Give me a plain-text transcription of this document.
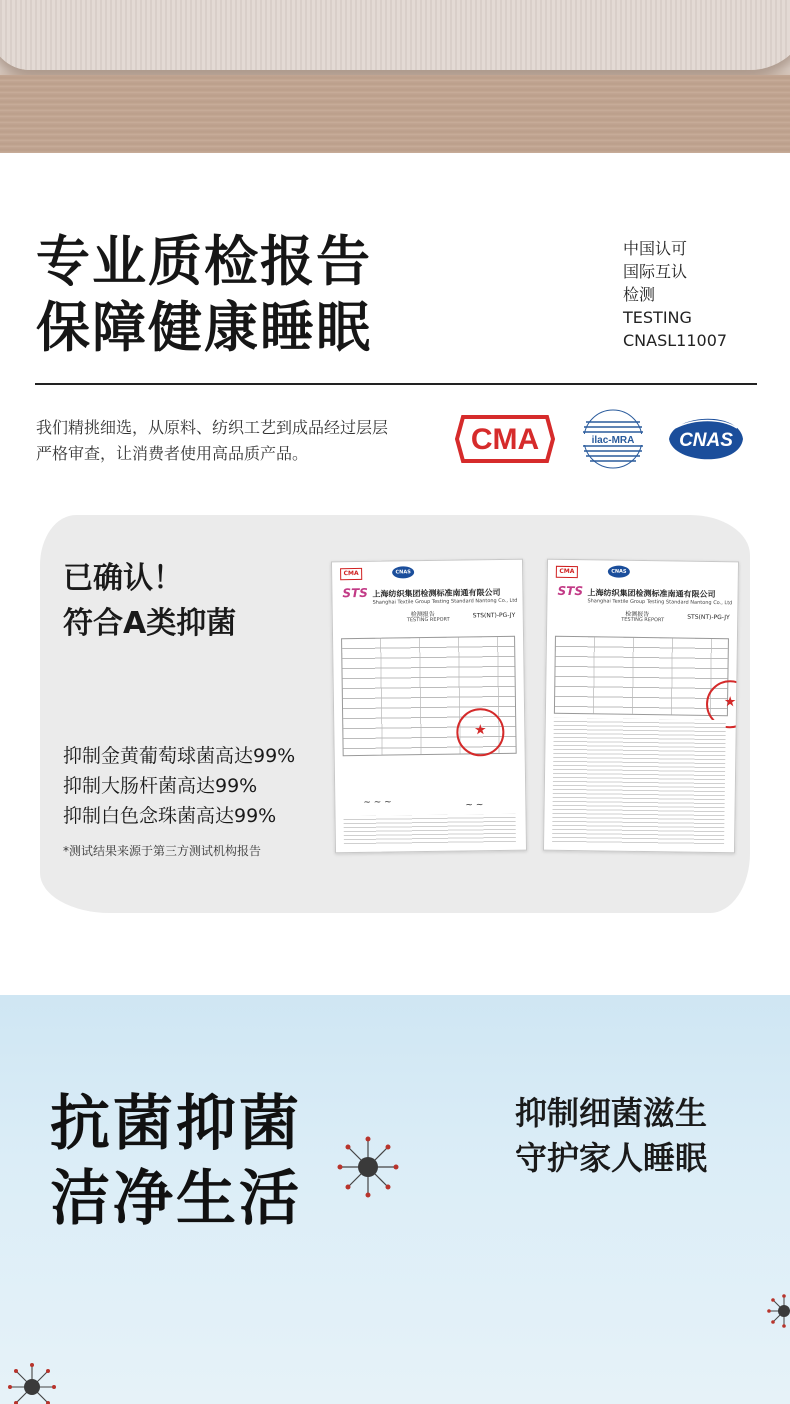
专业质检报告
保障健康睡眠
中国认可
国际互认
检测
TESTING
CNASL11007
我们精挑细选，从原料、纺织工艺到成品经过层层
严格审查，让消费者使用高品质产品。	CMA	ilac-MRA CNAS
已确认！
符合A类抑菌
抑制金黄葡萄球菌高达99%
抑制大肠杆菌高达99%
抑制白色念珠菌高达99%
*测试结果来源于第三方测试机构报告
CMA	CNAS
STS 上海纺织集团检测标准南通有限公司
Shanghai Textile Group Testing Standard Nantong Co., Ltd
检测报告
TESTING REPORT
STS(NT)-PG-JY
★
~ ~ ~	~ ~
CMA	CNAS
STS 上海纺织集团检测标准南通有限公司
Shanghai Textile Group Testing Standard Nantong Co., Ltd
检测报告
TESTING REPORT	STS(NT)-PG-JY
★
抗菌抑菌
洁净生活
抑制细菌滋生
守护家人睡眠
